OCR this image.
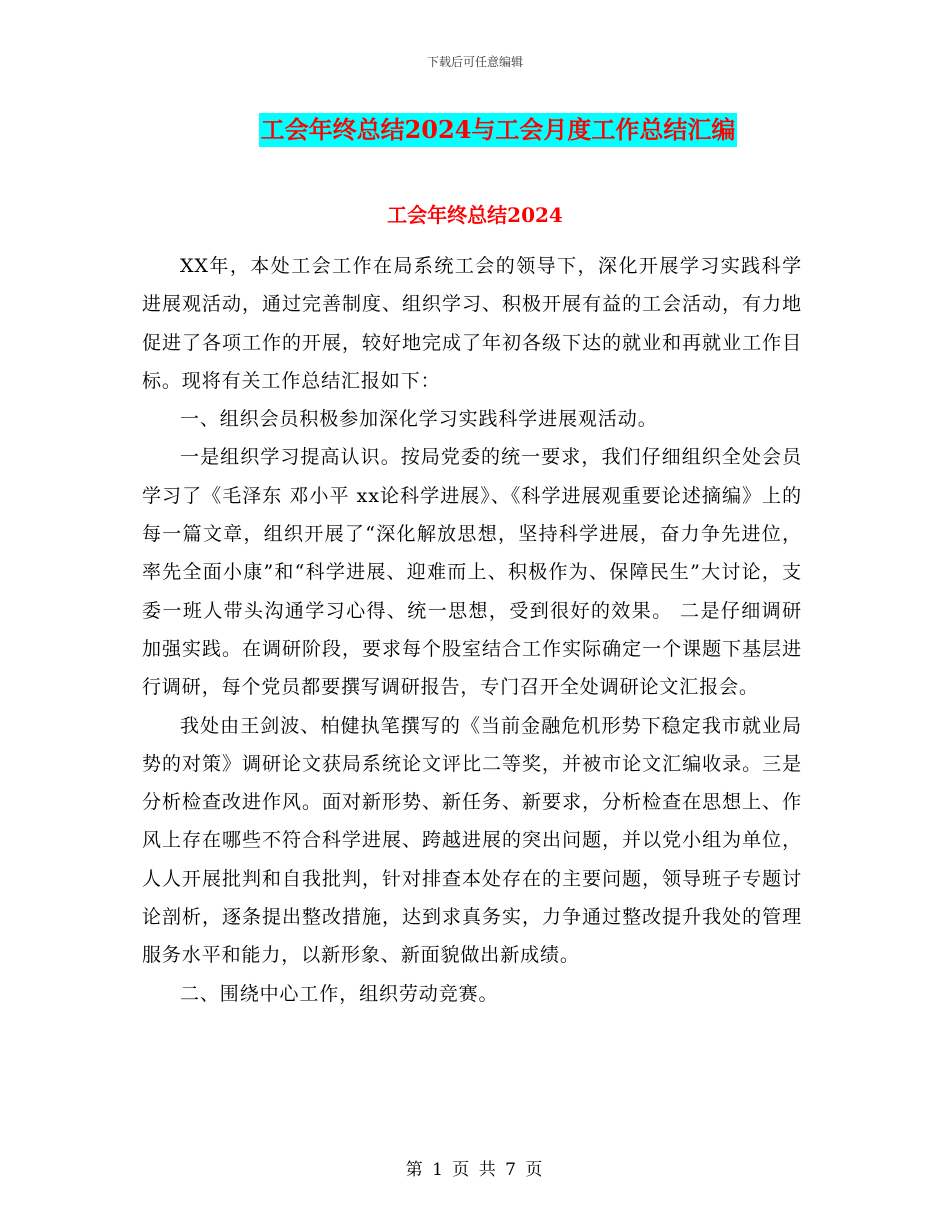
下载后可任意编辑
工会年终总结2024与工会月度工作总结汇编
工会年终总结2024

XX年，本处工会工作在局系统工会的领导下，深化开展学习实践科学进展观活动，通过完善制度、组织学习、积极开展有益的工会活动，有力地促进了各项工作的开展，较好地完成了年初各级下达的就业和再就业工作目标。现将有关工作总结汇报如下：

一、组织会员积极参加深化学习实践科学进展观活动。

一是组织学习提高认识。按局党委的统一要求，我们仔细组织全处会员学习了《毛泽东 邓小平 xx论科学进展》、《科学进展观重要论述摘编》上的每一篇文章，组织开展了“深化解放思想，坚持科学进展，奋力争先进位，率先全面小康”和“科学进展、迎难而上、积极作为、保障民生”大讨论，支委一班人带头沟通学习心得、统一思想，受到很好的效果。 二是仔细调研加强实践。在调研阶段，要求每个股室结合工作实际确定一个课题下基层进行调研，每个党员都要撰写调研报告，专门召开全处调研论文汇报会。

我处由王剑波、柏健执笔撰写的《当前金融危机形势下稳定我市就业局势的对策》调研论文获局系统论文评比二等奖，并被市论文汇编收录。三是分析检查改进作风。面对新形势、新任务、新要求，分析检查在思想上、作风上存在哪些不符合科学进展、跨越进展的突出问题，并以党小组为单位，人人开展批判和自我批判，针对排查本处存在的主要问题，领导班子专题讨论剖析，逐条提出整改措施，达到求真务实，力争通过整改提升我处的管理服务水平和能力，以新形象、新面貌做出新成绩。

二、围绕中心工作，组织劳动竞赛。

第 1 页 共 7 页
